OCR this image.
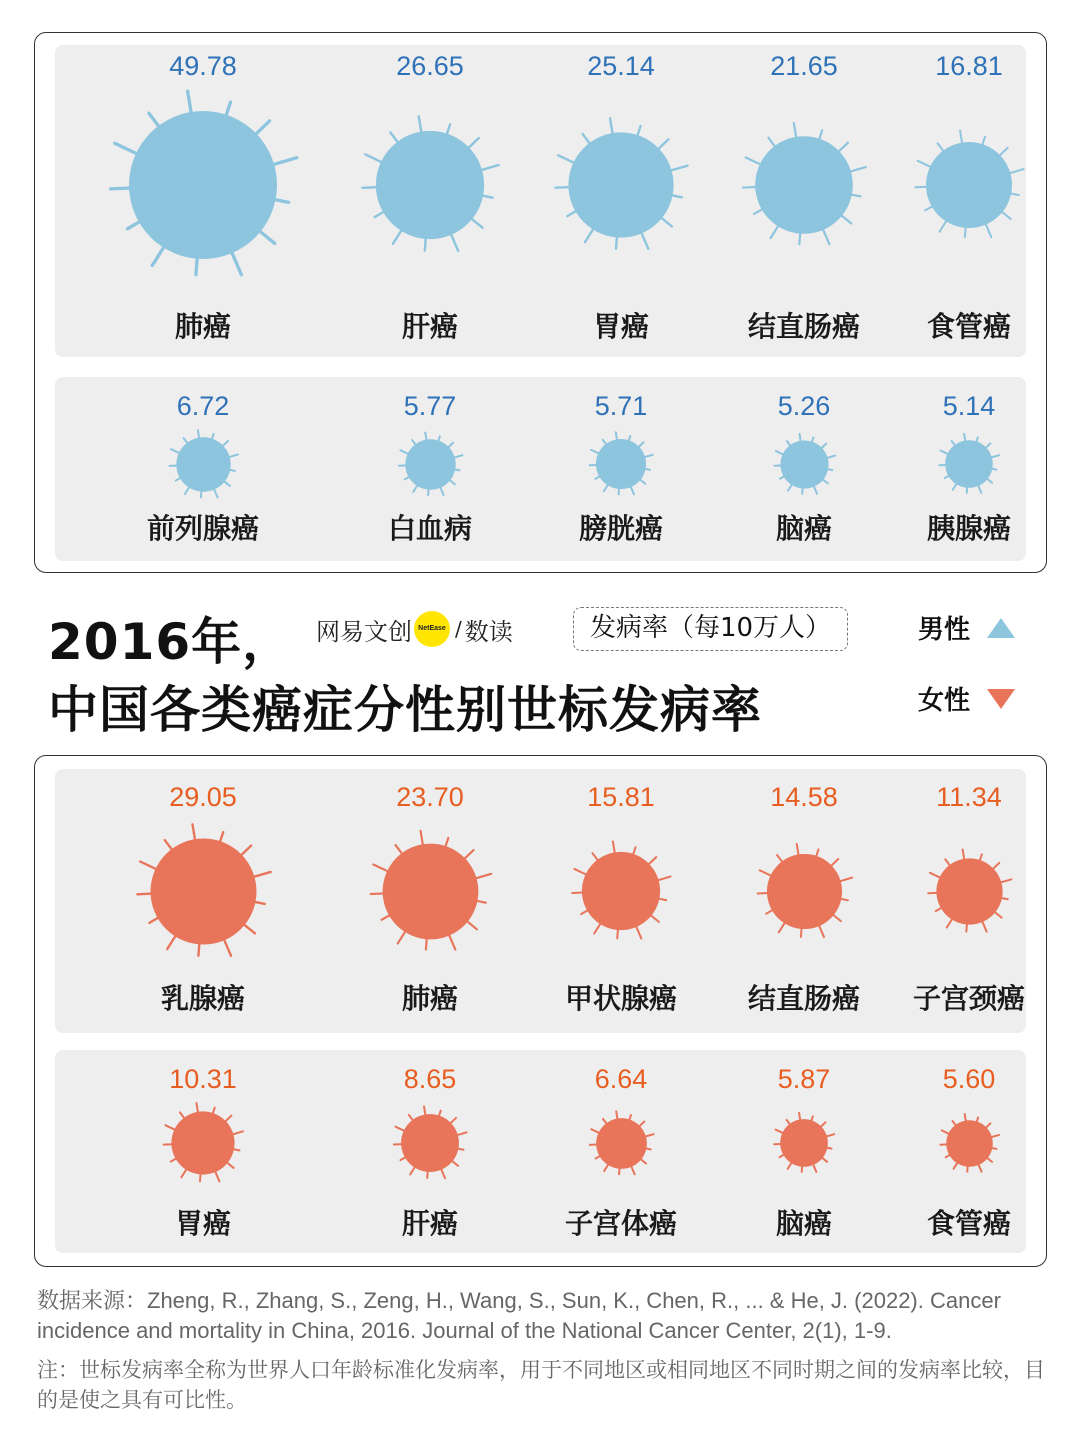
49.78
肺癌
26.65
肝癌
25.14
胃癌
21.65
结直肠癌
16.81
食管癌
6.72
前列腺癌
5.77
白血病
5.71
膀胱癌
5.26
脑癌
5.14
胰腺癌
2016年，
中国各类癌症分性别世标发病率
网易文创 NetEase / 数读	发病率（每10万人）	男性
女性
29.05
乳腺癌
23.70
肺癌
15.81
甲状腺癌
14.58
结直肠癌
11.34
子宫颈癌
10.31
胃癌
8.65
肝癌
6.64
子宫体癌
5.87
脑癌
5.60
食管癌
数据来源：Zheng, R., Zhang, S., Zeng, H., Wang, S., Sun, K., Chen, R., ... & He, J. (2022). Cancer incidence and mortality in China, 2016. Journal of the National Cancer Center, 2(1), 1-9.
注：世标发病率全称为世界人口年龄标准化发病率，用于不同地区或相同地区不同时期之间的发病率比较，目的是使之具有可比性。
